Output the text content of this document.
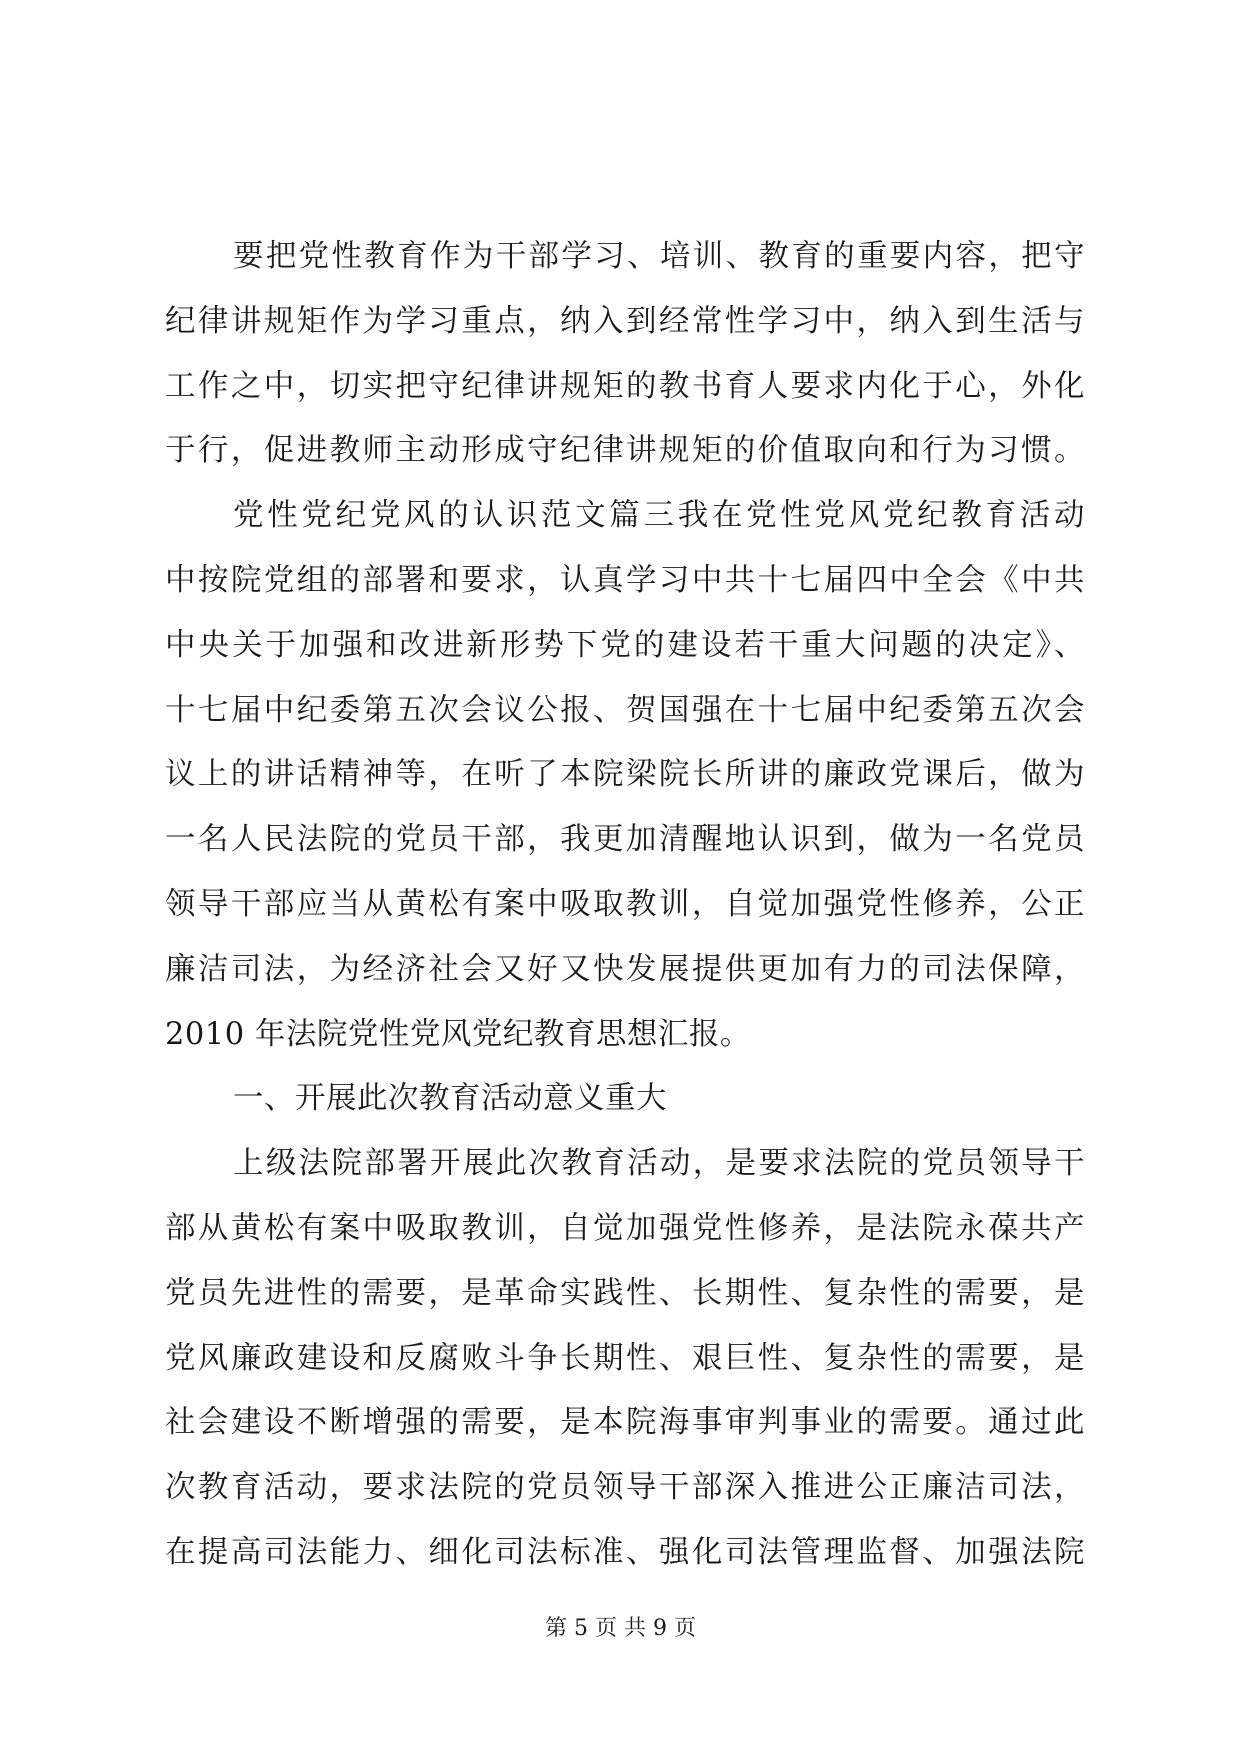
要把党性教育作为干部学习、培训、教育的重要内容，把守
纪律讲规矩作为学习重点，纳入到经常性学习中，纳入到生活与
工作之中，切实把守纪律讲规矩的教书育人要求内化于心，外化
于行，促进教师主动形成守纪律讲规矩的价值取向和行为习惯。
党性党纪党风的认识范文篇三我在党性党风党纪教育活动
中按院党组的部署和要求，认真学习中共十七届四中全会《中共
中央关于加强和改进新形势下党的建设若干重大问题的决定》、
十七届中纪委第五次会议公报、贺国强在十七届中纪委第五次会
议上的讲话精神等，在听了本院梁院长所讲的廉政党课后，做为
一名人民法院的党员干部，我更加清醒地认识到，做为一名党员
领导干部应当从黄松有案中吸取教训，自觉加强党性修养，公正
廉洁司法，为经济社会又好又快发展提供更加有力的司法保障，
2010 年法院党性党风党纪教育思想汇报。
一、开展此次教育活动意义重大
上级法院部署开展此次教育活动，是要求法院的党员领导干
部从黄松有案中吸取教训，自觉加强党性修养，是法院永葆共产
党员先进性的需要，是革命实践性、长期性、复杂性的需要，是
党风廉政建设和反腐败斗争长期性、艰巨性、复杂性的需要，是
社会建设不断增强的需要，是本院海事审判事业的需要。通过此
次教育活动，要求法院的党员领导干部深入推进公正廉洁司法，
在提高司法能力、细化司法标准、强化司法管理监督、加强法院
第 5 页 共 9 页
